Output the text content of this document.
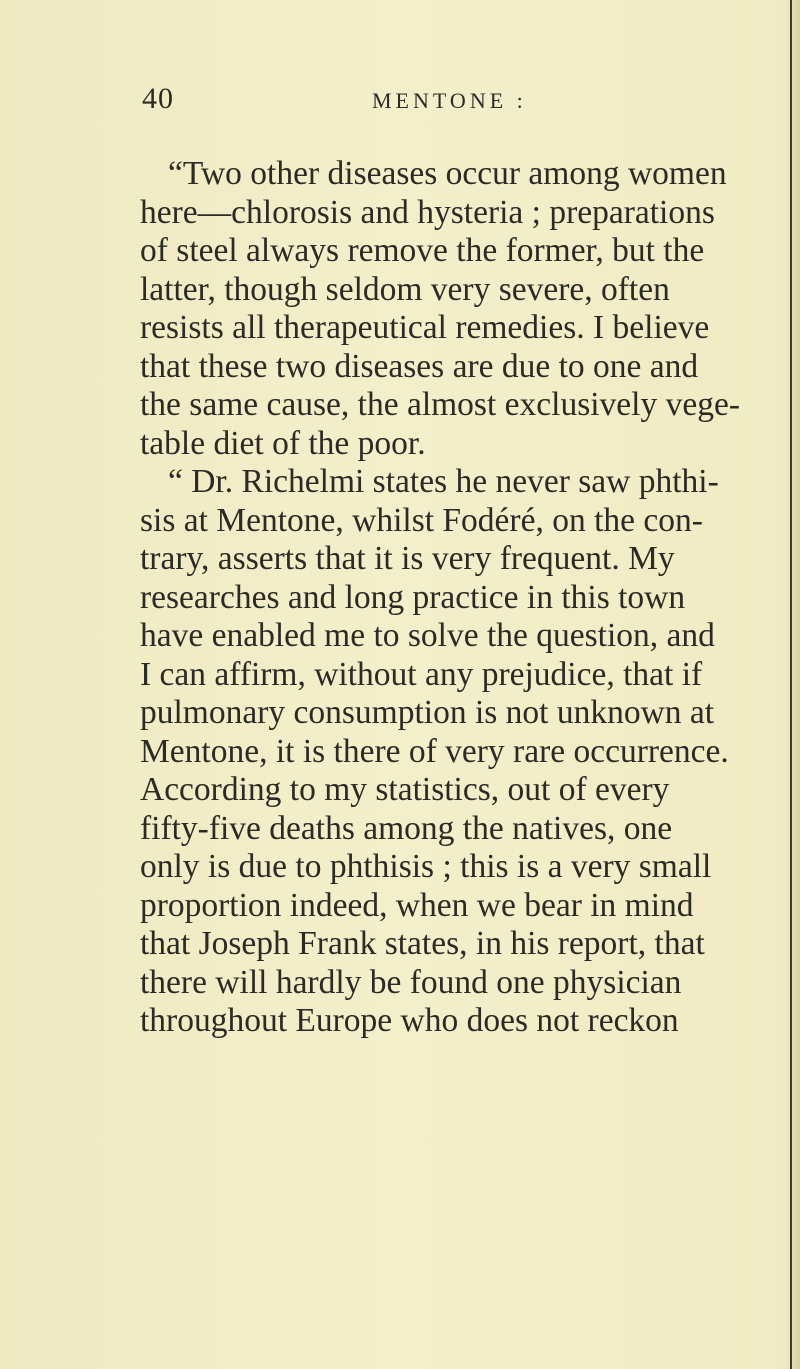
40	MENTONE :
“Two other diseases occur among women
here—chlorosis and hysteria ; preparations
of steel always remove the former, but the
latter, though seldom very severe, often
resists all therapeutical remedies. I believe
that these two diseases are due to one and
the same cause, the almost exclusively vege-
table diet of the poor.
“ Dr. Richelmi states he never saw phthi-
sis at Mentone, whilst Fodéré, on the con-
trary, asserts that it is very frequent. My
researches and long practice in this town
have enabled me to solve the question, and
I can affirm, without any prejudice, that if
pulmonary consumption is not unknown at
Mentone, it is there of very rare occurrence.
According to my statistics, out of every
fifty-five deaths among the natives, one
only is due to phthisis ; this is a very small
proportion indeed, when we bear in mind
that Joseph Frank states, in his report, that
there will hardly be found one physician
throughout Europe who does not reckon
